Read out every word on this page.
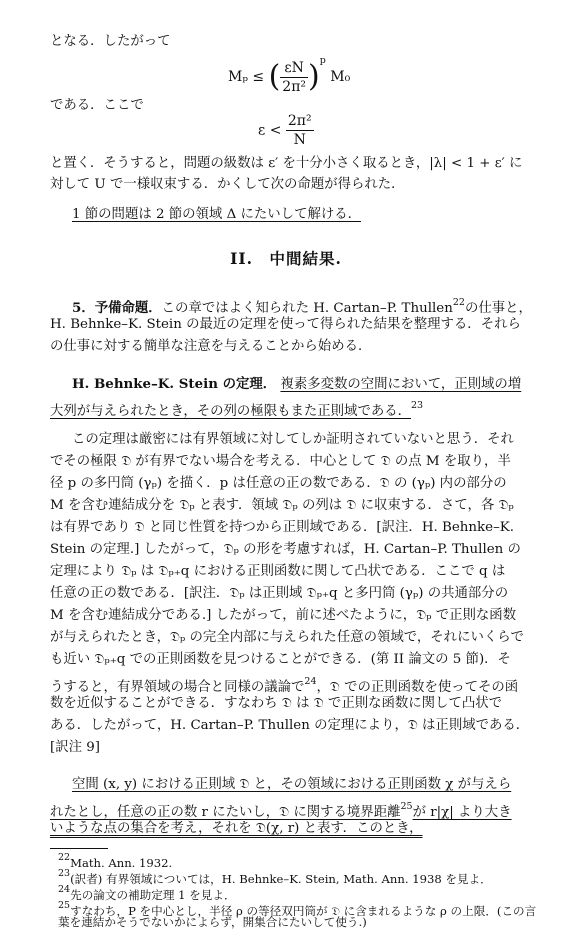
となる．したがって
Mₚ ≤ ( $\frac{\varepsilon N}{\text{2π²}} )^p$ M₀
である．ここで
$\varepsilon < \frac{\text{2π²}}{N}$
と置く．そうすると，問題の級数は ε′ を十分小さく取るとき，|λ| < 1 + ε′ に
対して U で一様収束する．かくして次の命題が得られた．
1 節の問題は 2 節の領域 Δ にたいして解ける．
II.　中間結果.
5．予備命題．この章ではよく知られた H. Cartan–P. Thullen$^{22}$の仕事と，
H. Behnke–K. Stein の最近の定理を使って得られた結果を整理する．それら
の仕事に対する簡単な注意を与えることから始める．
H. Behnke–K. Stein の定理． 複素多変数の空間において，正則域の増
大列が与えられたとき，その列の極限もまた正則域である．$^{23}$
この定理は厳密には有界領域に対してしか証明されていないと思う．それ
でその極限 𝔇 が有界でない場合を考える．中心として 𝔇 の点 M を取り，半
径 p の多円筒 (γₚ) を描く．p は任意の正の数である．𝔇 の (γₚ) 内の部分の
M を含む連結成分を 𝔇ₚ と表す．領域 𝔇ₚ の列は 𝔇 に収束する．さて，各 𝔇ₚ
は有界であり 𝔇 と同じ性質を持つから正則域である．[訳注．H. Behnke–K.
Stein の定理.] したがって，𝔇ₚ の形を考慮すれば，H. Cartan–P. Thullen の
定理により 𝔇ₚ は 𝔇ₚ₊q における正則函数に関して凸状である．ここで q は
任意の正の数である．[訳注．𝔇ₚ は正則域 𝔇ₚ₊q と多円筒 (γₚ) の共通部分の
M を含む連結成分である.] したがって，前に述べたように，𝔇ₚ で正則な函数
が与えられたとき，𝔇ₚ の完全内部に与えられた任意の領域で，それにいくらで
も近い 𝔇ₚ₊q での正則函数を見つけることができる．(第 II 論文の 5 節)．そ
うすると，有界領域の場合と同様の議論で$^{24}$，𝔇 での正則函数を使ってその函
数を近似することができる．すなわち 𝔇 は 𝔇 で正則な函数に関して凸状で
ある．したがって，H. Cartan–P. Thullen の定理により，𝔇 は正則域である．
[訳注 9]
空間 (x, y) における正則域 𝔇 と，その領域における正則函数 χ が与えら
れたとし，任意の正の数 r にたいし，𝔇 に関する境界距離$^{25}$が r|χ| より大き
いような点の集合を考え，それを 𝔇(χ, r) と表す．このとき，
$^{22}$Math. Ann. 1932.
$^{23}$(訳者) 有界領域については，H. Behnke–K. Stein, Math. Ann. 1938 を見よ．
$^{24}$先の論文の補助定理 1 を見よ．
$^{25}$すなわち，P を中心とし，半径 ρ の等径双円筒が 𝔇 に含まれるような ρ の上限．(この言
葉を連結かそうでないかによらず，開集合にたいして使う.)
